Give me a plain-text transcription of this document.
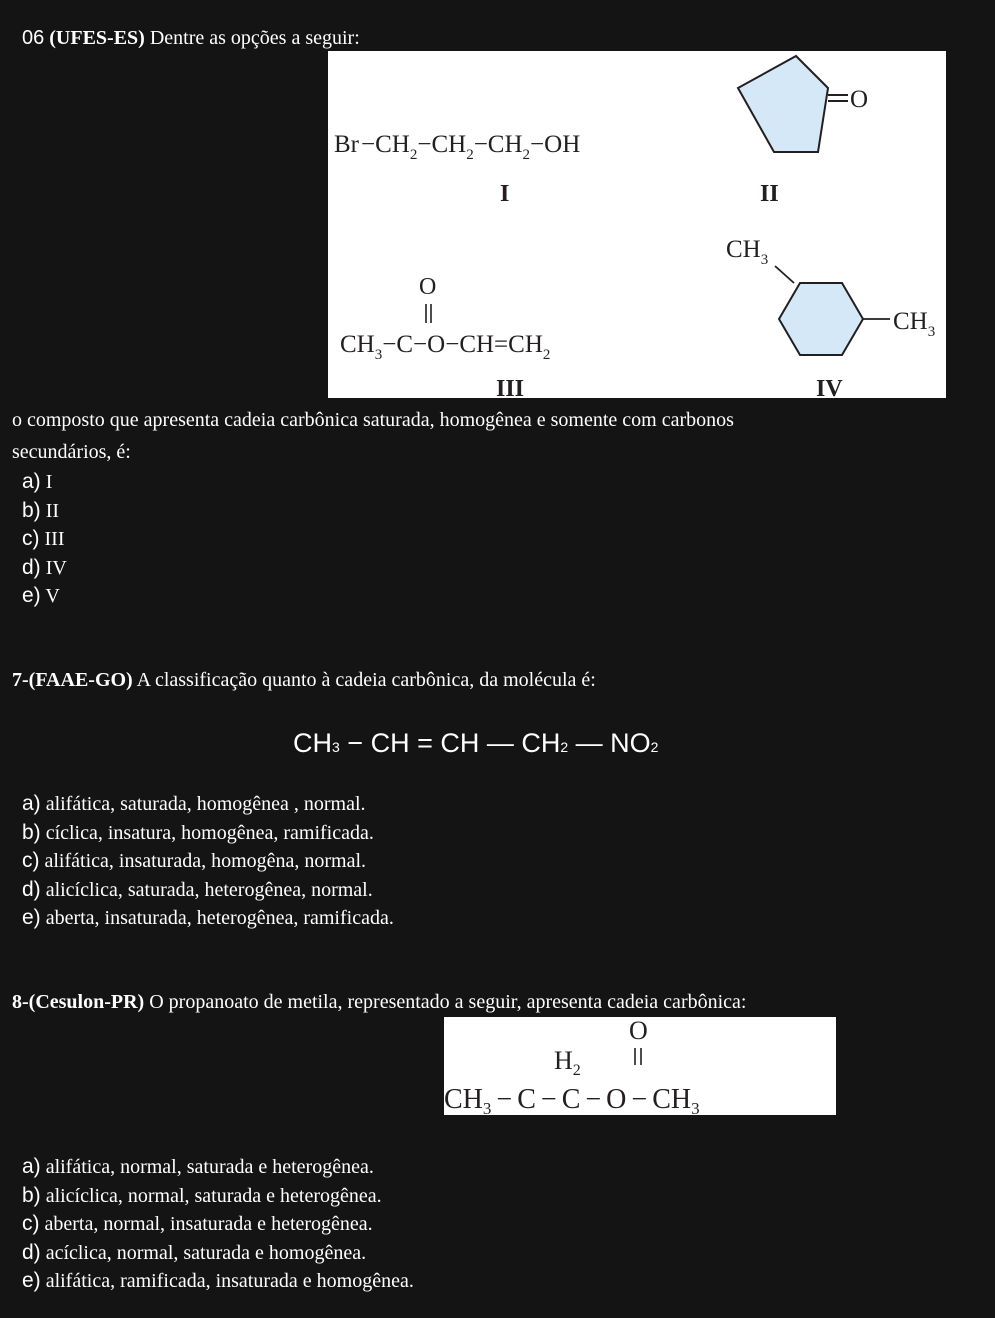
06 (UFES-ES) Dentre as opções a seguir:
$Br-CH_2-CH_2-CH_2-OH$
I
O
II
O
$CH_3-C-O-CH=CH_2$
III
$CH_3$
$CH_3$
IV
o composto que apresenta cadeia carbônica saturada, homogênea e somente com carbonos
secundários, é:
a) I
b) II
c) III
d) IV
e) V
7-(FAAE-GO) A classificação quanto à cadeia carbônica, da molécula é:
CH3 − CH = CH — CH2 — NO2
a) alifática, saturada, homogênea , normal.
b) cíclica, insatura, homogênea, ramificada.
c) alifática, insaturada, homogêna, normal.
d) alicíclica, saturada, heterogênea, normal.
e) aberta, insaturada, heterogênea, ramificada.
8-(Cesulon-PR) O propanoato de metila, representado a seguir, apresenta cadeia carbônica:
O
$H_2$
$CH_3 - C - C - O - CH_3$
a) alifática, normal, saturada e heterogênea.
b) alicíclica, normal, saturada e heterogênea.
c) aberta, normal, insaturada e heterogênea.
d) acíclica, normal, saturada e homogênea.
e) alifática, ramificada, insaturada e homogênea.
